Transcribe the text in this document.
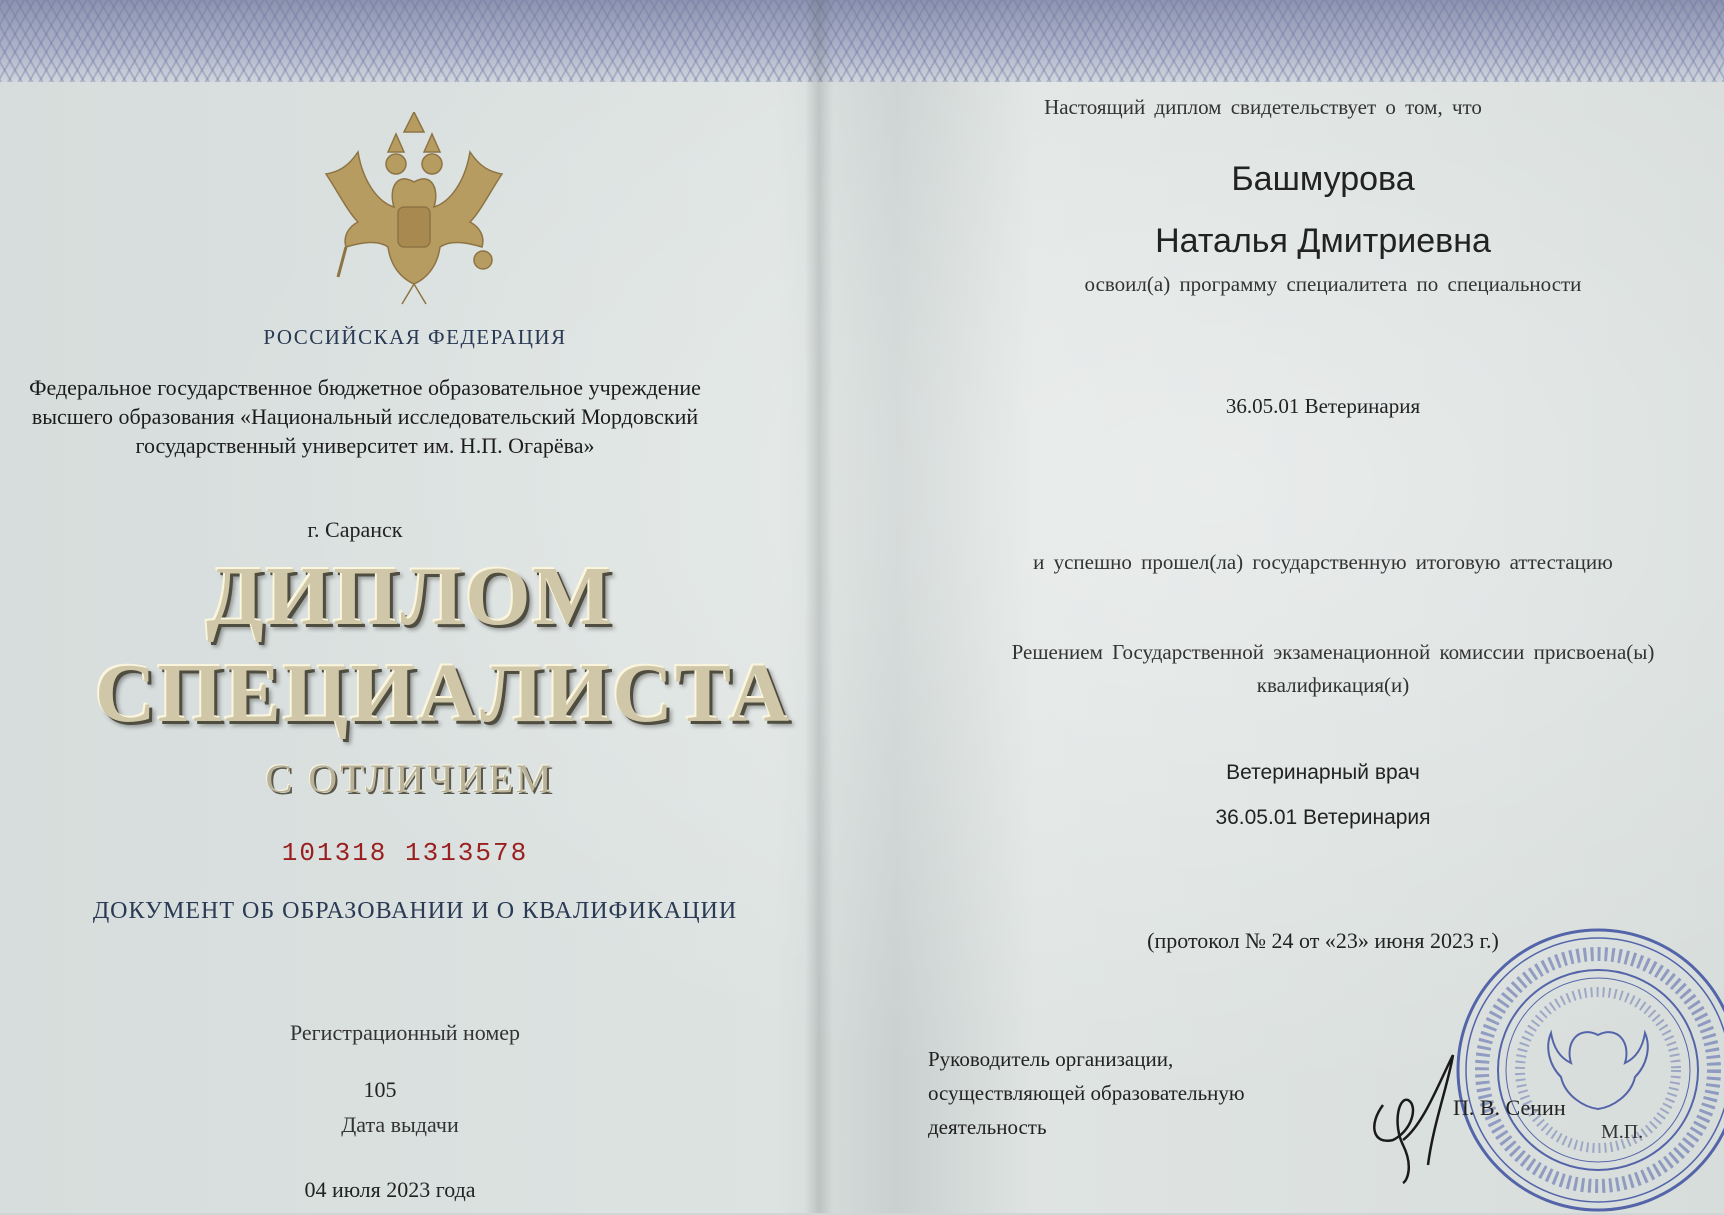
РОССИЙСКАЯ ФЕДЕРАЦИЯ
Федеральное государственное бюджетное образовательное учреждение высшего образования «Национальный исследовательский Мордовский государственный университет им. Н.П. Огарёва»
г. Саранск
ДИПЛОМ
СПЕЦИАЛИСТА
С ОТЛИЧИЕМ
101318 1313578
ДОКУМЕНТ ОБ ОБРАЗОВАНИИ И О КВАЛИФИКАЦИИ
Регистрационный номер
105
Дата выдачи
04 июля 2023 года
Настоящий диплом свидетельствует о том, что
Башмурова
Наталья Дмитриевна
освоил(а) программу специалитета по специальности
36.05.01 Ветеринария
и успешно прошел(ла) государственную итоговую аттестацию
Решением Государственной экзаменационной комиссии присвоена(ы) квалификация(и)
Ветеринарный врач
36.05.01 Ветеринария
(протокол № 24 от «23» июня 2023 г.)
Руководитель организации, осуществляющей образовательную деятельность
П. В. Сенин
М.П.
